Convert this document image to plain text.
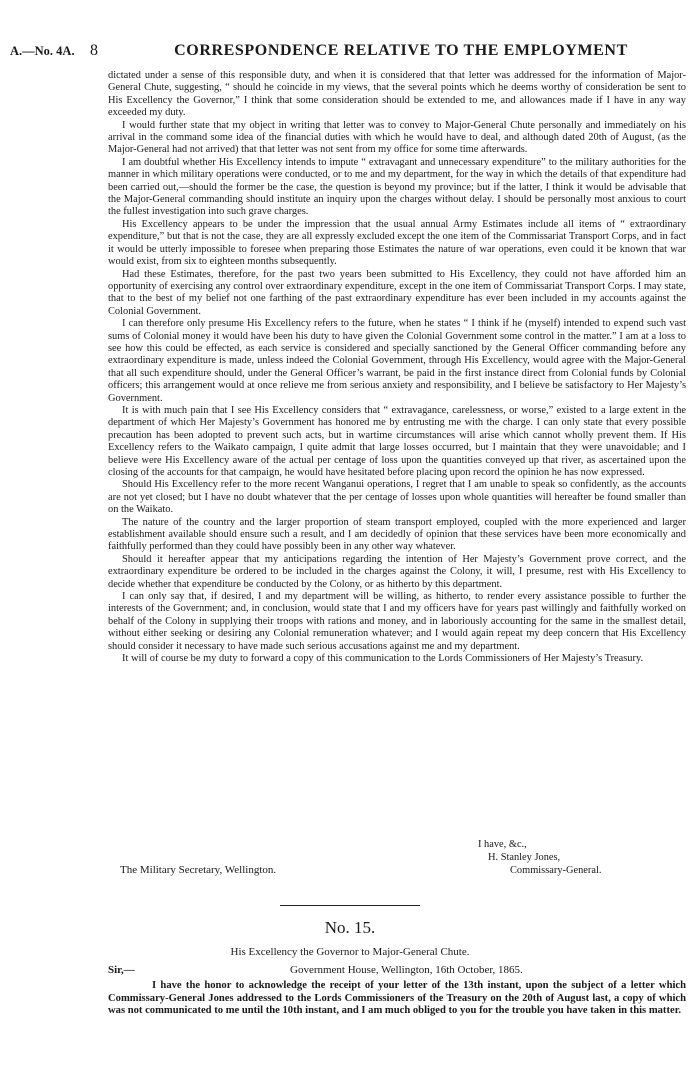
A.—No. 4A. 8	CORRESPONDENCE RELATIVE TO THE EMPLOYMENT

dictated under a sense of this responsible duty, and when it is considered that that letter was addressed for the information of Major-General Chute, suggesting, “ should he coincide in my views, that the several points which he deems worthy of consideration be sent to His Excellency the Governor,” I think that some consideration should be extended to me, and allowances made if I have in any way exceeded my duty.

I would further state that my object in writing that letter was to convey to Major-General Chute personally and immediately on his arrival in the command some idea of the financial duties with which he would have to deal, and although dated 20th of August, (as the Major-General had not arrived) that that letter was not sent from my office for some time afterwards.

I am doubtful whether His Excellency intends to impute “ extravagant and unnecessary expenditure” to the military authorities for the manner in which military operations were conducted, or to me and my department, for the way in which the details of that expenditure had been carried out,—should the former be the case, the question is beyond my province; but if the latter, I think it would be advisable that the Major-General commanding should institute an inquiry upon the charges without delay. I should be personally most anxious to court the fullest investigation into such grave charges.

His Excellency appears to be under the impression that the usual annual Army Estimates include all items of “ extraordinary expenditure,” but that is not the case, they are all expressly excluded except the one item of the Commissariat Transport Corps, and in fact it would be utterly impossible to foresee when preparing those Estimates the nature of war operations, even could it be known that war would exist, from six to eighteen months subsequently.

Had these Estimates, therefore, for the past two years been submitted to His Excellency, they could not have afforded him an opportunity of exercising any control over extraordinary expenditure, except in the one item of Commissariat Transport Corps. I may state, that to the best of my belief not one farthing of the past extraordinary expenditure has ever been included in my accounts against the Colonial Government.

I can therefore only presume His Excellency refers to the future, when he states “ I think if he (myself) intended to expend such vast sums of Colonial money it would have been his duty to have given the Colonial Government some control in the matter.” I am at a loss to see how this could be effected, as each service is considered and specially sanctioned by the General Officer commanding before any extraordinary expenditure is made, unless indeed the Colonial Government, through His Excellency, would agree with the Major-General that all such expenditure should, under the General Officer’s warrant, be paid in the first instance direct from Colonial funds by Colonial officers; this arrangement would at once relieve me from serious anxiety and responsibility, and I believe be satisfactory to Her Majesty’s Government.

It is with much pain that I see His Excellency considers that “ extravagance, carelessness, or worse,” existed to a large extent in the department of which Her Majesty’s Government has honored me by entrusting me with the charge. I can only state that every possible precaution has been adopted to prevent such acts, but in wartime circumstances will arise which cannot wholly prevent them. If His Excellency refers to the Waikato campaign, I quite admit that large losses occurred, but I maintain that they were unavoidable; and I believe were His Excellency aware of the actual per centage of loss upon the quantities conveyed up that river, as ascertained upon the closing of the accounts for that campaign, he would have hesitated before placing upon record the opinion he has now expressed.

Should His Excellency refer to the more recent Wanganui operations, I regret that I am unable to speak so confidently, as the accounts are not yet closed; but I have no doubt whatever that the per centage of losses upon whole quantities will hereafter be found smaller than on the Waikato.

The nature of the country and the larger proportion of steam transport employed, coupled with the more experienced and larger establishment available should ensure such a result, and I am decidedly of opinion that these services have been more economically and faithfully performed than they could have possibly been in any other way whatever.

Should it hereafter appear that my anticipations regarding the intention of Her Majesty’s Government prove correct, and the extraordinary expenditure be ordered to be included in the charges against the Colony, it will, I presume, rest with His Excellency to decide whether that expenditure be conducted by the Colony, or as hitherto by this department.

I can only say that, if desired, I and my department will be willing, as hitherto, to render every assistance possible to further the interests of the Government; and, in conclusion, would state that I and my officers have for years past willingly and faithfully worked on behalf of the Colony in supplying their troops with rations and money, and in laboriously accounting for the same in the smallest detail, without either seeking or desiring any Colonial remuneration whatever; and I would again repeat my deep concern that His Excellency should consider it necessary to have made such serious accusations against me and my department.

It will of course be my duty to forward a copy of this communication to the Lords Commissioners of Her Majesty’s Treasury.

I have, &c.,
H. Stanley Jones,
Commissary-General.
The Military Secretary, Wellington.
No. 15.
His Excellency the Governor to Major-General Chute.
Sir,—	Government House, Wellington, 16th October, 1865.
I have the honor to acknowledge the receipt of your letter of the 13th instant, upon the subject of a letter which Commissary-General Jones addressed to the Lords Commissioners of the Treasury on the 20th of August last, a copy of which was not communicated to me until the 10th instant, and I am much obliged to you for the trouble you have taken in this matter.
